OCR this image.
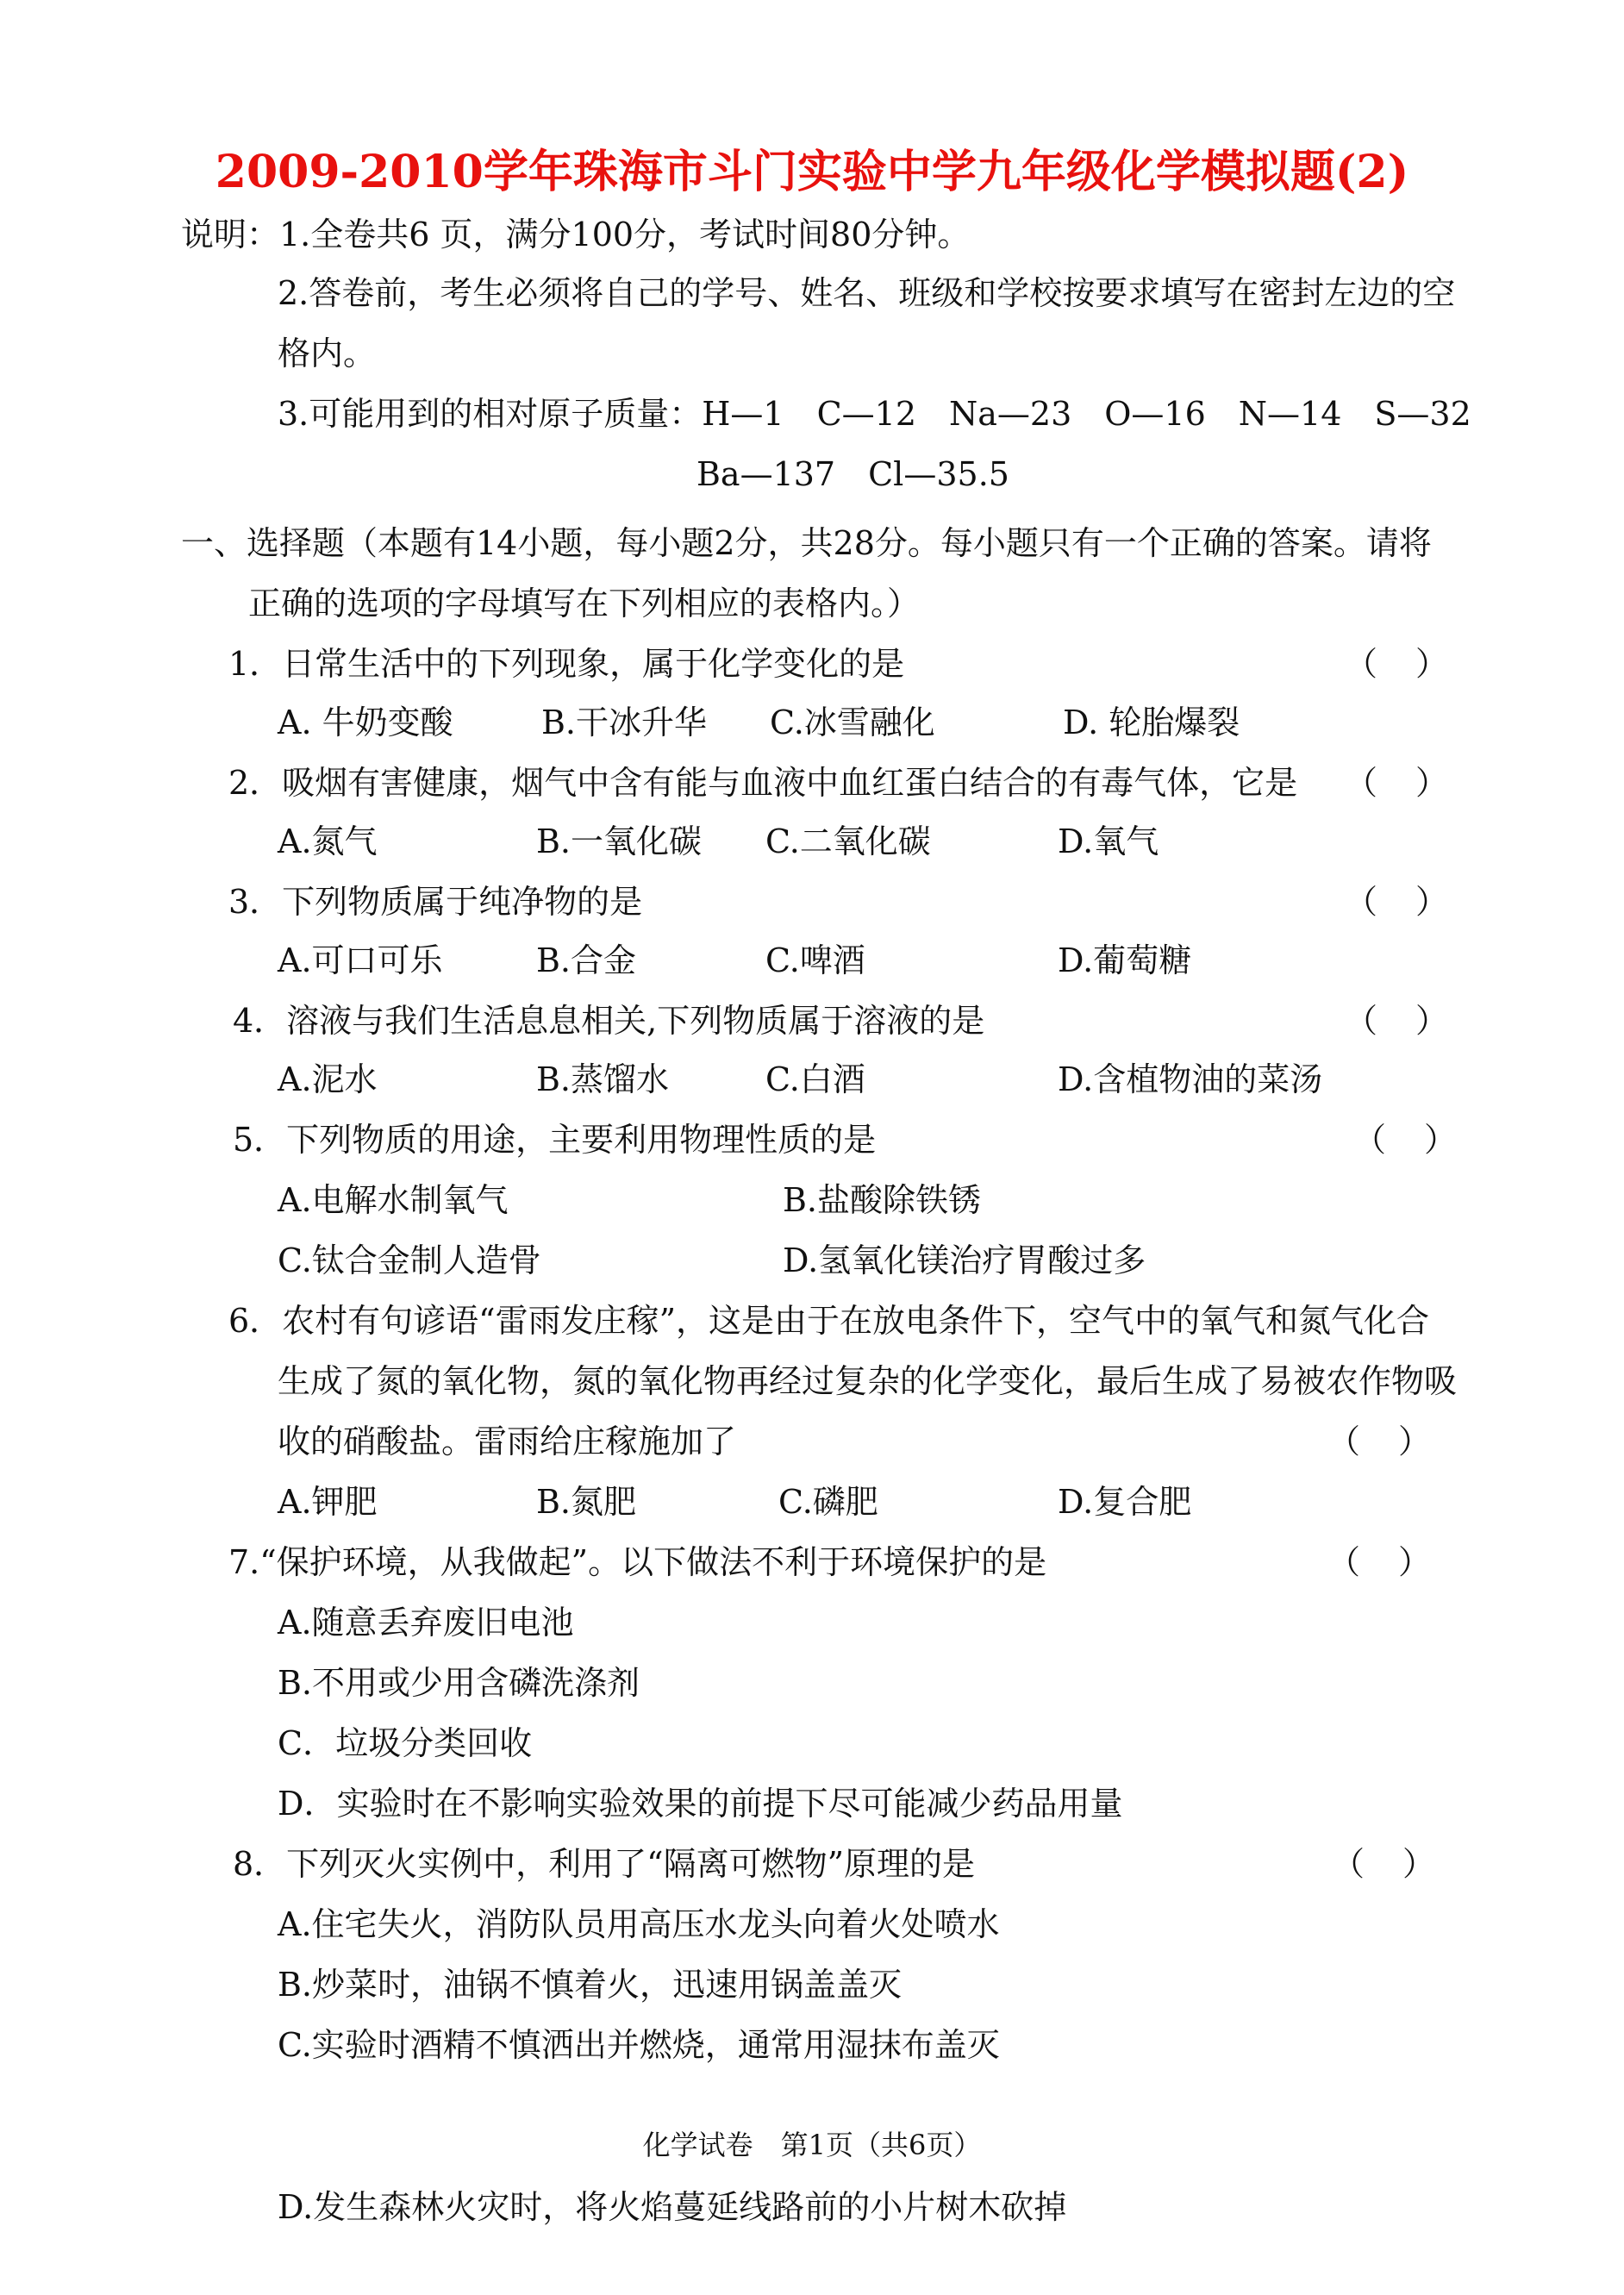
2009-2010学年珠海市斗门实验中学九年级化学模拟题(2)
说明：1.全卷共6 页，满分100分，考试时间80分钟。
2.答卷前，考生必须将自己的学号、姓名、班级和学校按要求填写在密封左边的空
格内。
3.可能用到的相对原子质量：H—1　C—12　Na—23　O—16　N—14　S—32
Ba—137　Cl—35.5
一、选择题（本题有14小题，每小题2分，共28分。每小题只有一个正确的答案。请将
正确的选项的字母填写在下列相应的表格内。）
1．日常生活中的下列现象，属于化学变化的是	（ ）
A. 牛奶变酸	B.干冰升华 C.冰雪融化	D. 轮胎爆裂
2．吸烟有害健康，烟气中含有能与血液中血红蛋白结合的有毒气体，它是 （ ）
A.氮气	B.一氧化碳 C.二氧化碳	D.氧气
3．下列物质属于纯净物的是	（ ）
A.可口可乐	B.合金	C.啤酒	D.葡萄糖
4．溶液与我们生活息息相关,下列物质属于溶液的是	（ ）
A.泥水	B.蒸馏水	C.白酒	D.含植物油的菜汤
5．下列物质的用途，主要利用物理性质的是	（ ）
A.电解水制氧气	B.盐酸除铁锈
C.钛合金制人造骨	D.氢氧化镁治疗胃酸过多
6．农村有句谚语“雷雨发庄稼”，这是由于在放电条件下，空气中的氧气和氮气化合
生成了氮的氧化物，氮的氧化物再经过复杂的化学变化，最后生成了易被农作物吸
收的硝酸盐。雷雨给庄稼施加了	（ ）
A.钾肥	B.氮肥	C.磷肥	D.复合肥
7.“保护环境，从我做起”。以下做法不利于环境保护的是	（ ）
A.随意丢弃废旧电池
B.不用或少用含磷洗涤剂
C．垃圾分类回收
D．实验时在不影响实验效果的前提下尽可能减少药品用量
8．下列灭火实例中，利用了“隔离可燃物”原理的是	（ ）
A.住宅失火，消防队员用高压水龙头向着火处喷水
B.炒菜时，油锅不慎着火，迅速用锅盖盖灭
C.实验时酒精不慎洒出并燃烧，通常用湿抹布盖灭
化学试卷　第1页（共6页）
D.发生森林火灾时，将火焰蔓延线路前的小片树木砍掉
